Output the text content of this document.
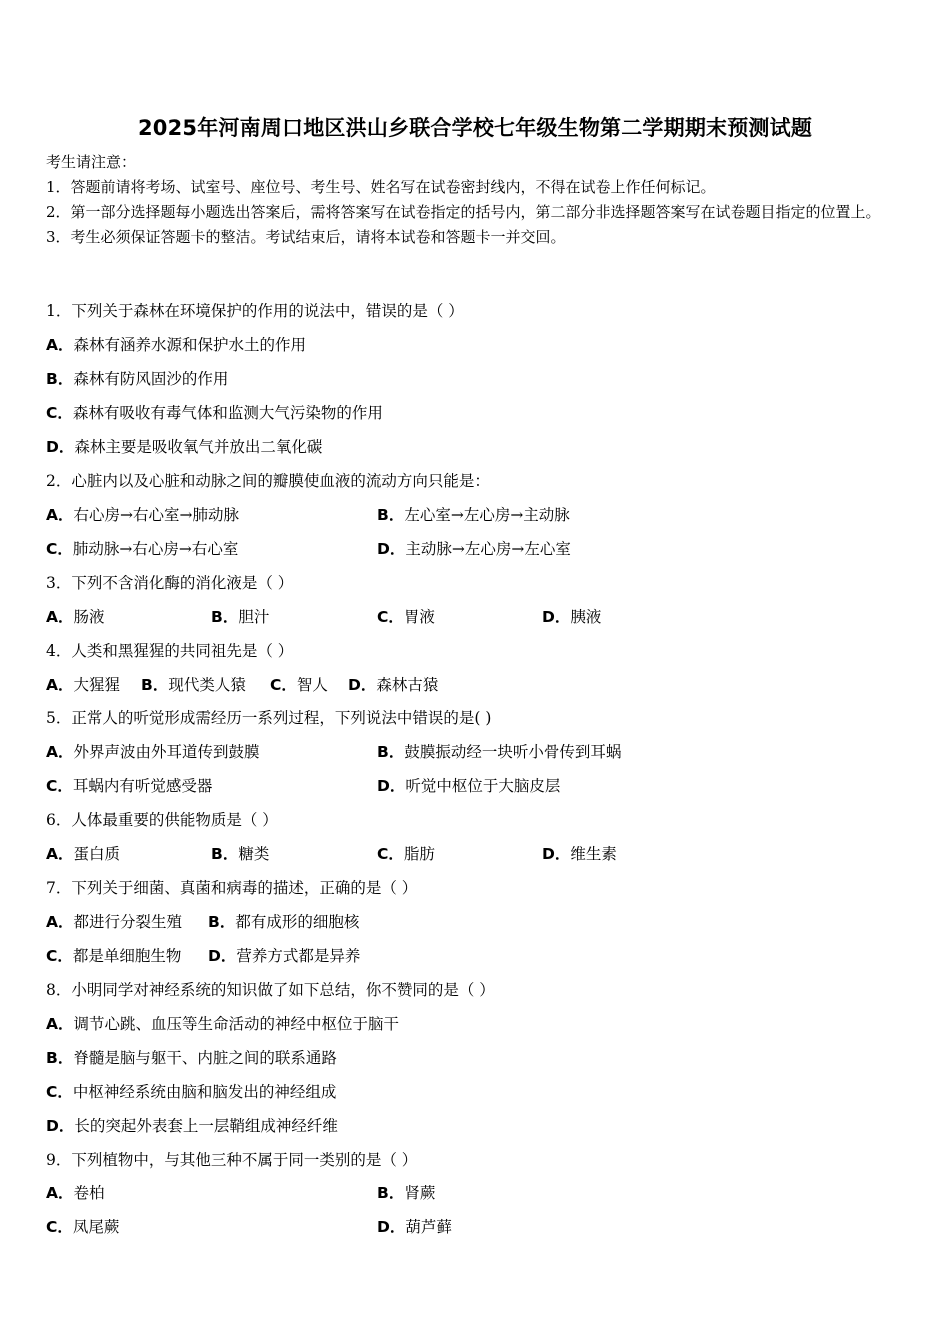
2025年河南周口地区洪山乡联合学校七年级生物第二学期期末预测试题
考生请注意：
1．答题前请将考场、试室号、座位号、考生号、姓名写在试卷密封线内，不得在试卷上作任何标记。
2．第一部分选择题每小题选出答案后，需将答案写在试卷指定的括号内，第二部分非选择题答案写在试卷题目指定的位置上。
3．考生必须保证答题卡的整洁。考试结束后，请将本试卷和答题卡一并交回。
1．下列关于森林在环境保护的作用的说法中，错误的是（ ）
A．森林有涵养水源和保护水土的作用
B．森林有防风固沙的作用
C．森林有吸收有毒气体和监测大气污染物的作用
D．森林主要是吸收氧气并放出二氧化碳
2．心脏内以及心脏和动脉之间的瓣膜使血液的流动方向只能是：
A．右心房→右心室→肺动脉	B．左心室→左心房→主动脉
C．肺动脉→右心房→右心室	D．主动脉→左心房→左心室
3．下列不含消化酶的消化液是（ ）
A．肠液	B．胆汁	C．胃液	D．胰液
4．人类和黑猩猩的共同祖先是（ ）
A．大猩猩 B．现代类人猿 C．智人 D．森林古猿
5．正常人的听觉形成需经历一系列过程，下列说法中错误的是( )
A．外界声波由外耳道传到鼓膜	B．鼓膜振动经一块听小骨传到耳蜗
C．耳蜗内有听觉感受器	D．听觉中枢位于大脑皮层
6．人体最重要的供能物质是（ ）
A．蛋白质	B．糖类	C．脂肪	D．维生素
7．下列关于细菌、真菌和病毒的描述，正确的是（ ）
A．都进行分裂生殖 B．都有成形的细胞核
C．都是单细胞生物 D．营养方式都是异养
8．小明同学对神经系统的知识做了如下总结，你不赞同的是（ ）
A．调节心跳、血压等生命活动的神经中枢位于脑干
B．脊髓是脑与躯干、内脏之间的联系通路
C．中枢神经系统由脑和脑发出的神经组成
D．长的突起外表套上一层鞘组成神经纤维
9．下列植物中，与其他三种不属于同一类别的是（ ）
A．卷柏	B．肾蕨
C．凤尾蕨	D．葫芦藓
